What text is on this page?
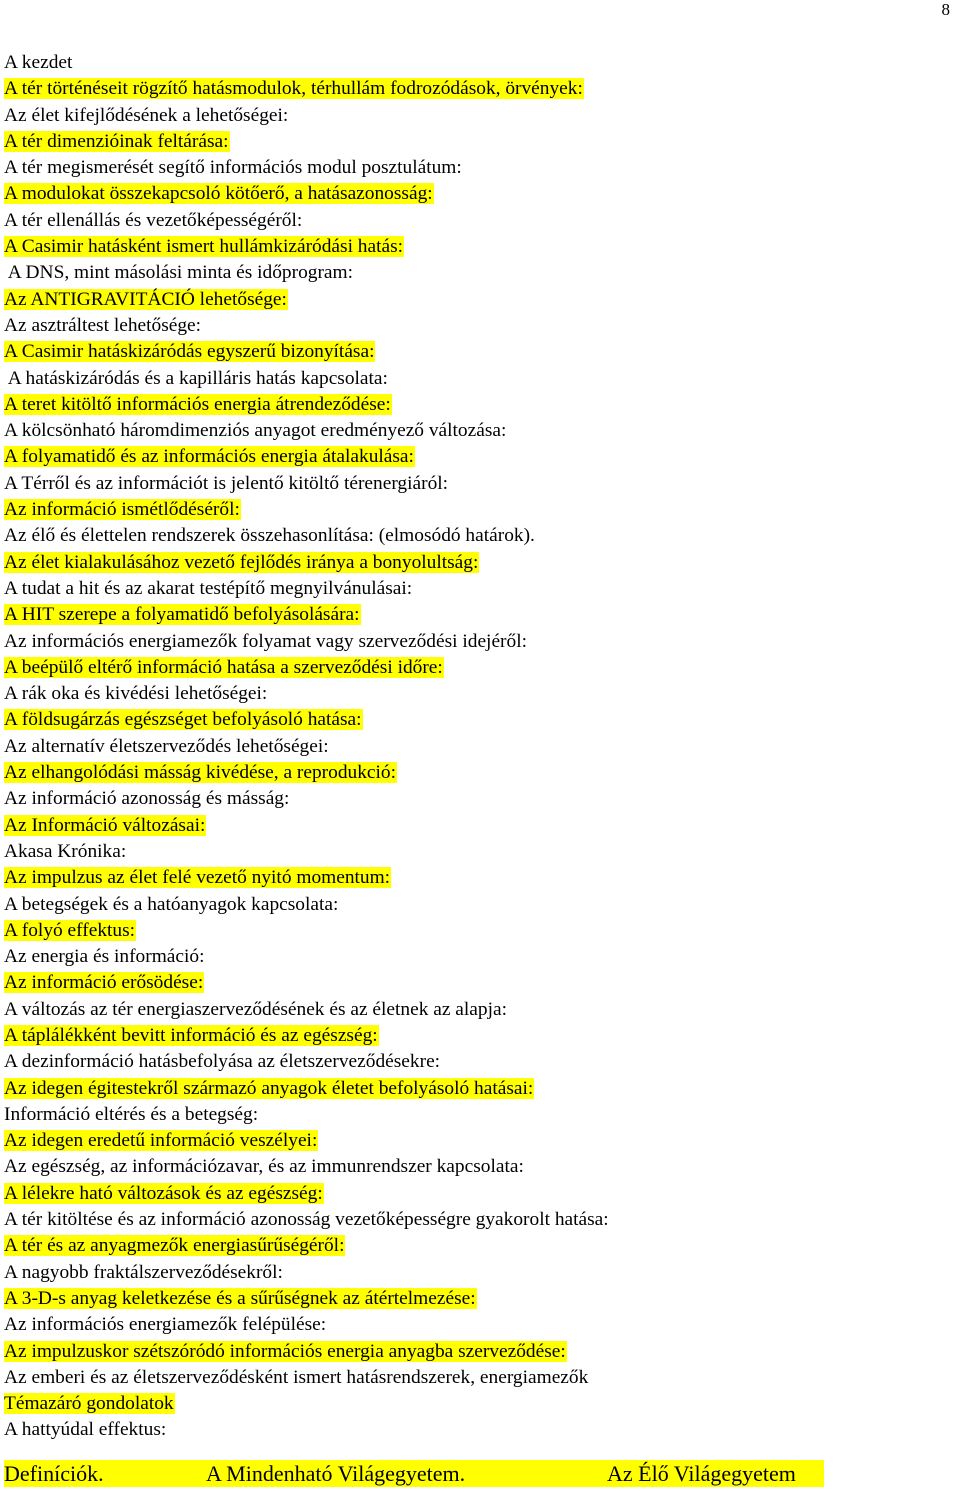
8
A kezdet
A tér történéseit rögzítő hatásmodulok, térhullám fodrozódások, örvények:
Az élet kifejlődésének a lehetőségei:
A tér dimenzióinak feltárása:
A tér megismerését segítő információs modul posztulátum:
A modulokat összekapcsoló kötőerő, a hatásazonosság:
A tér ellenállás és vezetőképességéről:
A Casimir hatásként ismert hullámkizáródási hatás:
A DNS, mint másolási minta és időprogram:
Az ANTIGRAVITÁCIÓ lehetősége:
Az asztráltest lehetősége:
A Casimir hatáskizáródás egyszerű bizonyítása:
A hatáskizáródás és a kapilláris hatás kapcsolata:
A teret kitöltő információs energia átrendeződése:
A kölcsönható háromdimenziós anyagot eredményező változása:
A folyamatidő és az információs energia átalakulása:
A Térről és az információt is jelentő kitöltő térenergiáról:
Az információ ismétlődéséről:
Az élő és élettelen rendszerek összehasonlítása: (elmosódó határok).
Az élet kialakulásához vezető fejlődés iránya a bonyolultság:
A tudat a hit és az akarat testépítő megnyilvánulásai:
A HIT szerepe a folyamatidő befolyásolására:
Az információs energiamezők folyamat vagy szerveződési idejéről:
A beépülő eltérő információ hatása a szerveződési időre:
A rák oka és kivédési lehetőségei:
A földsugárzás egészséget befolyásoló hatása:
Az alternatív életszerveződés lehetőségei:
Az elhangolódási másság kivédése, a reprodukció:
Az információ azonosság és másság:
Az Információ változásai:
Akasa Krónika:
Az impulzus az élet felé vezető nyitó momentum:
A betegségek és a hatóanyagok kapcsolata:
A folyó effektus:
Az energia és információ:
Az információ erősödése:
A változás az tér energiaszerveződésének és az életnek az alapja:
A táplálékként bevitt információ és az egészség:
A dezinformáció hatásbefolyása az életszerveződésekre:
Az idegen égitestekről származó anyagok életet befolyásoló hatásai:
Információ eltérés és a betegség:
Az idegen eredetű információ veszélyei:
Az egészség, az információzavar, és az immunrendszer kapcsolata:
A lélekre ható változások és az egészség:
A tér kitöltése és az információ azonosság vezetőképességre gyakorolt hatása:
A tér és az anyagmezők energiasűrűségéről:
A nagyobb fraktálszerveződésekről:
A 3-D-s anyag keletkezése és a sűrűségnek az átértelmezése:
Az információs energiamezők felépülése:
Az impulzuskor szétszóródó információs energia anyagba szerveződése:
Az emberi és az életszerveződésként ismert hatásrendszerek, energiamezők
Témazáró gondolatok
A hattyúdal effektus:
Definíciók.	A Mindenható Világegyetem.	Az Élő Világegyetem
